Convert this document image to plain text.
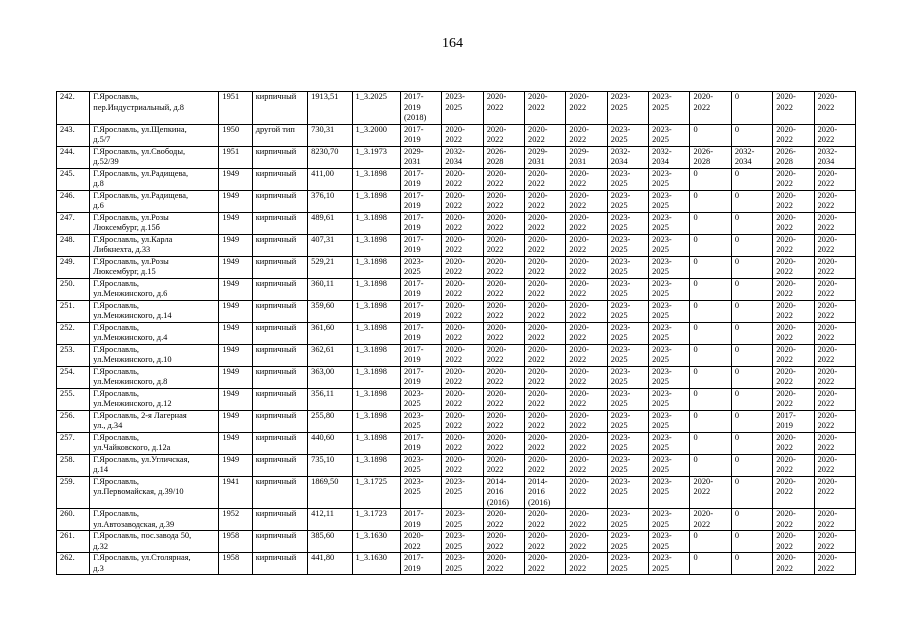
164
242.	Г.Ярославль,
пер.Индустриальный, д.8	1951	кирпичный	1913,51	1_3.2025	2017-
2019
(2018)	2023-
2025	2020-
2022	2020-
2022	2020-
2022	2023-
2025	2023-
2025	2020-
2022	0	2020-
2022	2020-
2022
243.	Г.Ярославль, ул.Щепкина,
д.5/7	1950	другой тип	730,31	1_3.2000	2017-
2019	2020-
2022	2020-
2022	2020-
2022	2020-
2022	2023-
2025	2023-
2025	0	0	2020-
2022	2020-
2022
244.	Г.Ярославль, ул.Свободы,
д.52/39	1951	кирпичный	8230,70	1_3.1973	2029-
2031	2032-
2034	2026-
2028	2029-
2031	2029-
2031	2032-
2034	2032-
2034	2026-
2028	2032-
2034	2026-
2028	2032-
2034
245.	Г.Ярославль, ул.Радищева,
д.8	1949	кирпичный	411,00	1_3.1898	2017-
2019	2020-
2022	2020-
2022	2020-
2022	2020-
2022	2023-
2025	2023-
2025	0	0	2020-
2022	2020-
2022
246.	Г.Ярославль, ул.Радищева,
д.6	1949	кирпичный	376,10	1_3.1898	2017-
2019	2020-
2022	2020-
2022	2020-
2022	2020-
2022	2023-
2025	2023-
2025	0	0	2020-
2022	2020-
2022
247.	Г.Ярославль, ул.Розы
Люксембург, д.15б	1949	кирпичный	489,61	1_3.1898	2017-
2019	2020-
2022	2020-
2022	2020-
2022	2020-
2022	2023-
2025	2023-
2025	0	0	2020-
2022	2020-
2022
248.	Г.Ярославль, ул.Карла
Либкнехта, д.33	1949	кирпичный	407,31	1_3.1898	2017-
2019	2020-
2022	2020-
2022	2020-
2022	2020-
2022	2023-
2025	2023-
2025	0	0	2020-
2022	2020-
2022
249.	Г.Ярославль, ул.Розы
Люксембург, д.15	1949	кирпичный	529,21	1_3.1898	2023-
2025	2020-
2022	2020-
2022	2020-
2022	2020-
2022	2023-
2025	2023-
2025	0	0	2020-
2022	2020-
2022
250.	Г.Ярославль,
ул.Менжинского, д.6	1949	кирпичный	360,11	1_3.1898	2017-
2019	2020-
2022	2020-
2022	2020-
2022	2020-
2022	2023-
2025	2023-
2025	0	0	2020-
2022	2020-
2022
251.	Г.Ярославль,
ул.Менжинского, д.14	1949	кирпичный	359,60	1_3.1898	2017-
2019	2020-
2022	2020-
2022	2020-
2022	2020-
2022	2023-
2025	2023-
2025	0	0	2020-
2022	2020-
2022
252.	Г.Ярославль,
ул.Менжинского, д.4	1949	кирпичный	361,60	1_3.1898	2017-
2019	2020-
2022	2020-
2022	2020-
2022	2020-
2022	2023-
2025	2023-
2025	0	0	2020-
2022	2020-
2022
253.	Г.Ярославль,
ул.Менжинского, д.10	1949	кирпичный	362,61	1_3.1898	2017-
2019	2020-
2022	2020-
2022	2020-
2022	2020-
2022	2023-
2025	2023-
2025	0	0	2020-
2022	2020-
2022
254.	Г.Ярославль,
ул.Менжинского, д.8	1949	кирпичный	363,00	1_3.1898	2017-
2019	2020-
2022	2020-
2022	2020-
2022	2020-
2022	2023-
2025	2023-
2025	0	0	2020-
2022	2020-
2022
255.	Г.Ярославль,
ул.Менжинского, д.12	1949	кирпичный	356,11	1_3.1898	2023-
2025	2020-
2022	2020-
2022	2020-
2022	2020-
2022	2023-
2025	2023-
2025	0	0	2020-
2022	2020-
2022
256.	Г.Ярославль, 2-я Лагерная
ул., д.34	1949	кирпичный	255,80	1_3.1898	2023-
2025	2020-
2022	2020-
2022	2020-
2022	2020-
2022	2023-
2025	2023-
2025	0	0	2017-
2019	2020-
2022
257.	Г.Ярославль,
ул.Чайковского, д.12а	1949	кирпичный	440,60	1_3.1898	2017-
2019	2020-
2022	2020-
2022	2020-
2022	2020-
2022	2023-
2025	2023-
2025	0	0	2020-
2022	2020-
2022
258.	Г.Ярославль, ул.Угличская,
д.14	1949	кирпичный	735,10	1_3.1898	2023-
2025	2020-
2022	2020-
2022	2020-
2022	2020-
2022	2023-
2025	2023-
2025	0	0	2020-
2022	2020-
2022
259.	Г.Ярославль,
ул.Первомайская, д.39/10	1941	кирпичный	1869,50	1_3.1725	2023-
2025	2023-
2025	2014-
2016
(2016)	2014-
2016
(2016)	2020-
2022	2023-
2025	2023-
2025	2020-
2022	0	2020-
2022	2020-
2022
260.	Г.Ярославль,
ул.Автозаводская, д.39	1952	кирпичный	412,11	1_3.1723	2017-
2019	2023-
2025	2020-
2022	2020-
2022	2020-
2022	2023-
2025	2023-
2025	2020-
2022	0	2020-
2022	2020-
2022
261.	Г.Ярославль, пос.завода 50,
д.32	1958	кирпичный	385,60	1_3.1630	2020-
2022	2023-
2025	2020-
2022	2020-
2022	2020-
2022	2023-
2025	2023-
2025	0	0	2020-
2022	2020-
2022
262.	Г.Ярославль, ул.Столярная,
д.3	1958	кирпичный	441,80	1_3.1630	2017-
2019	2023-
2025	2020-
2022	2020-
2022	2020-
2022	2023-
2025	2023-
2025	0	0	2020-
2022	2020-
2022
